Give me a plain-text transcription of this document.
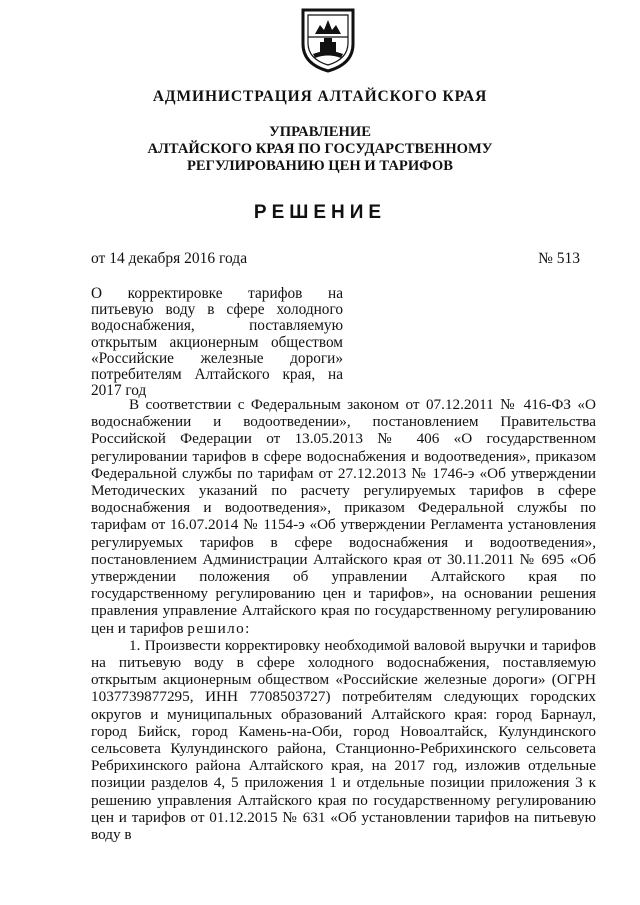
АДМИНИСТРАЦИЯ АЛТАЙСКОГО КРАЯ
УПРАВЛЕНИЕ
АЛТАЙСКОГО КРАЯ ПО ГОСУДАРСТВЕННОМУ
РЕГУЛИРОВАНИЮ ЦЕН И ТАРИФОВ
РЕШЕНИЕ
от 14 декабря 2016 года	№ 513
О корректировке тарифов на питьевую воду в сфере холодного водоснабжения, поставляемую открытым акционерным обществом «Российские железные дороги» потребителям Алтайского края, на 2017 год

В соответствии с Федеральным законом от 07.12.2011 № 416-ФЗ «О водоснабжении и водоотведении», постановлением Правительства Российской Федерации от 13.05.2013 № 406 «О государственном регулировании тарифов в сфере водоснабжения и водоотведения», приказом Федеральной службы по тарифам от 27.12.2013 № 1746-э «Об утверждении Методических указаний по расчету регулируемых тарифов в сфере водоснабжения и водоотведения», приказом Федеральной службы по тарифам от 16.07.2014 № 1154-э «Об утверждении Регламента установления регулируемых тарифов в сфере водоснабжения и водоотведения», постановлением Администрации Алтайского края от 30.11.2011 № 695 «Об утверждении положения об управлении Алтайского края по государственному регулированию цен и тарифов», на основании решения правления управление Алтайского края по государственному регулированию цен и тарифов решило:

1. Произвести корректировку необходимой валовой выручки и тарифов на питьевую воду в сфере холодного водоснабжения, поставляемую открытым акционерным обществом «Российские железные дороги» (ОГРН 1037739877295, ИНН 7708503727) потребителям следующих городских округов и муниципальных образований Алтайского края: город Барнаул, город Бийск, город Камень-на-Оби, город Новоалтайск, Кулундинского сельсовета Кулундинского района, Станционно-Ребрихинского сельсовета Ребрихинского района Алтайского края, на 2017 год, изложив отдельные позиции разделов 4, 5 приложения 1 и отдельные позиции приложения 3 к решению управления Алтайского края по государственному регулированию цен и тарифов от 01.12.2015 № 631 «Об установлении тарифов на питьевую воду в
